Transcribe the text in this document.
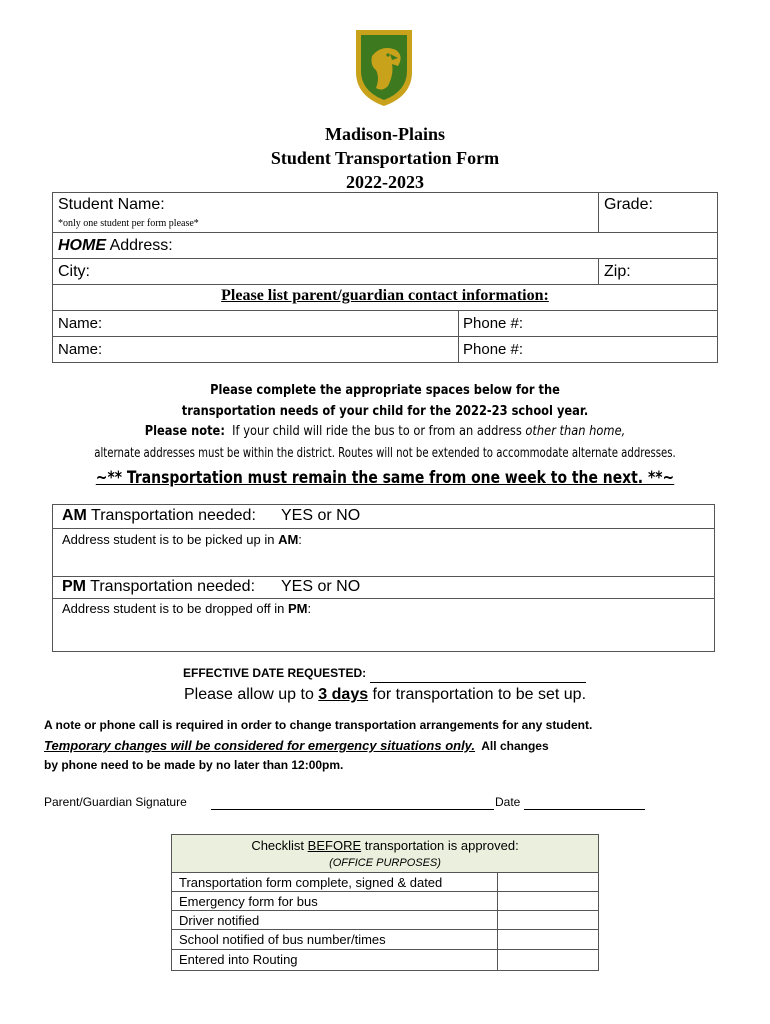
Madison-Plains
Student Transportation Form
2022-2023
Student Name:
*only one student per form please*
Grade:
HOME Address:
City:	Zip:
Please list parent/guardian contact information:
Name:	Phone #:
Name:	Phone #:
Please complete the appropriate spaces below for the
transportation needs of your child for the 2022-23 school year.
Please note:  If your child will ride the bus to or from an address other than home,
alternate addresses must be within the district. Routes will not be extended to accommodate alternate addresses.
~** Transportation must remain the same from one week to the next. **~
AM Transportation needed: YES or NO
Address student is to be picked up in AM:
PM Transportation needed: YES or NO
Address student is to be dropped off in PM:
EFFECTIVE DATE REQUESTED:
Please allow up to 3 days for transportation to be set up.
A note or phone call is required in order to change transportation arrangements for any student.
Temporary changes will be considered for emergency situations only.  All changes
by phone need to be made by no later than 12:00pm.
Parent/Guardian Signature	Date
Checklist BEFORE transportation is approved:
(OFFICE PURPOSES)
Transportation form complete, signed & dated
Emergency form for bus
Driver notified
School notified of bus number/times
Entered into Routing
